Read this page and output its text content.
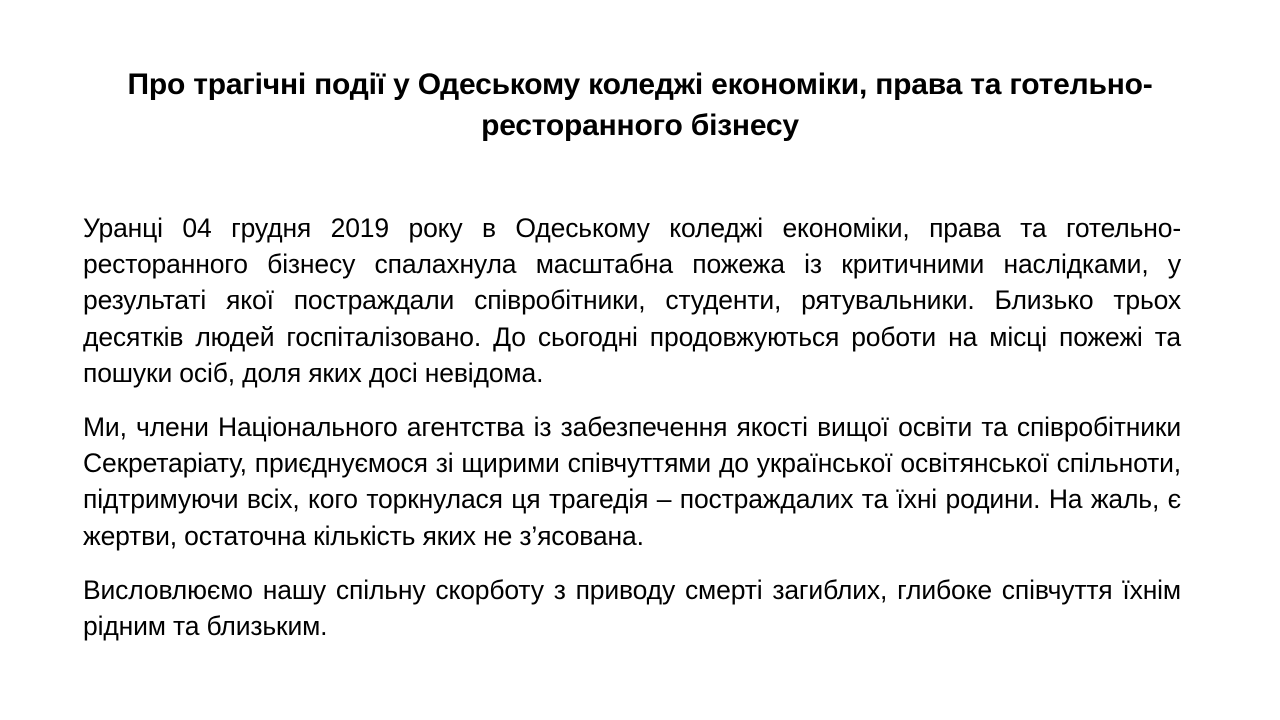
Про трагічні події у Одеському коледжі економіки, права та готельно-ресторанного бізнесу

Уранці 04 грудня 2019 року в Одеському коледжі економіки, права та готельно-ресторанного бізнесу спалахнула масштабна пожежа із критичними наслідками, у результаті якої постраждали співробітники, студенти, рятувальники. Близько трьох десятків людей госпіталізовано. До сьогодні продовжуються роботи на місці пожежі та пошуки осіб, доля яких досі невідома.

Ми, члени Національного агентства із забезпечення якості вищої освіти та співробітники Секретаріату, приєднуємося зі щирими співчуттями до української освітянської спільноти, підтримуючи всіх, кого торкнулася ця трагедія – постраждалих та їхні родини. На жаль, є жертви, остаточна кількість яких не з’ясована.

Висловлюємо нашу спільну скорботу з приводу смерті загиблих, глибоке співчуття їхнім рідним та близьким.
